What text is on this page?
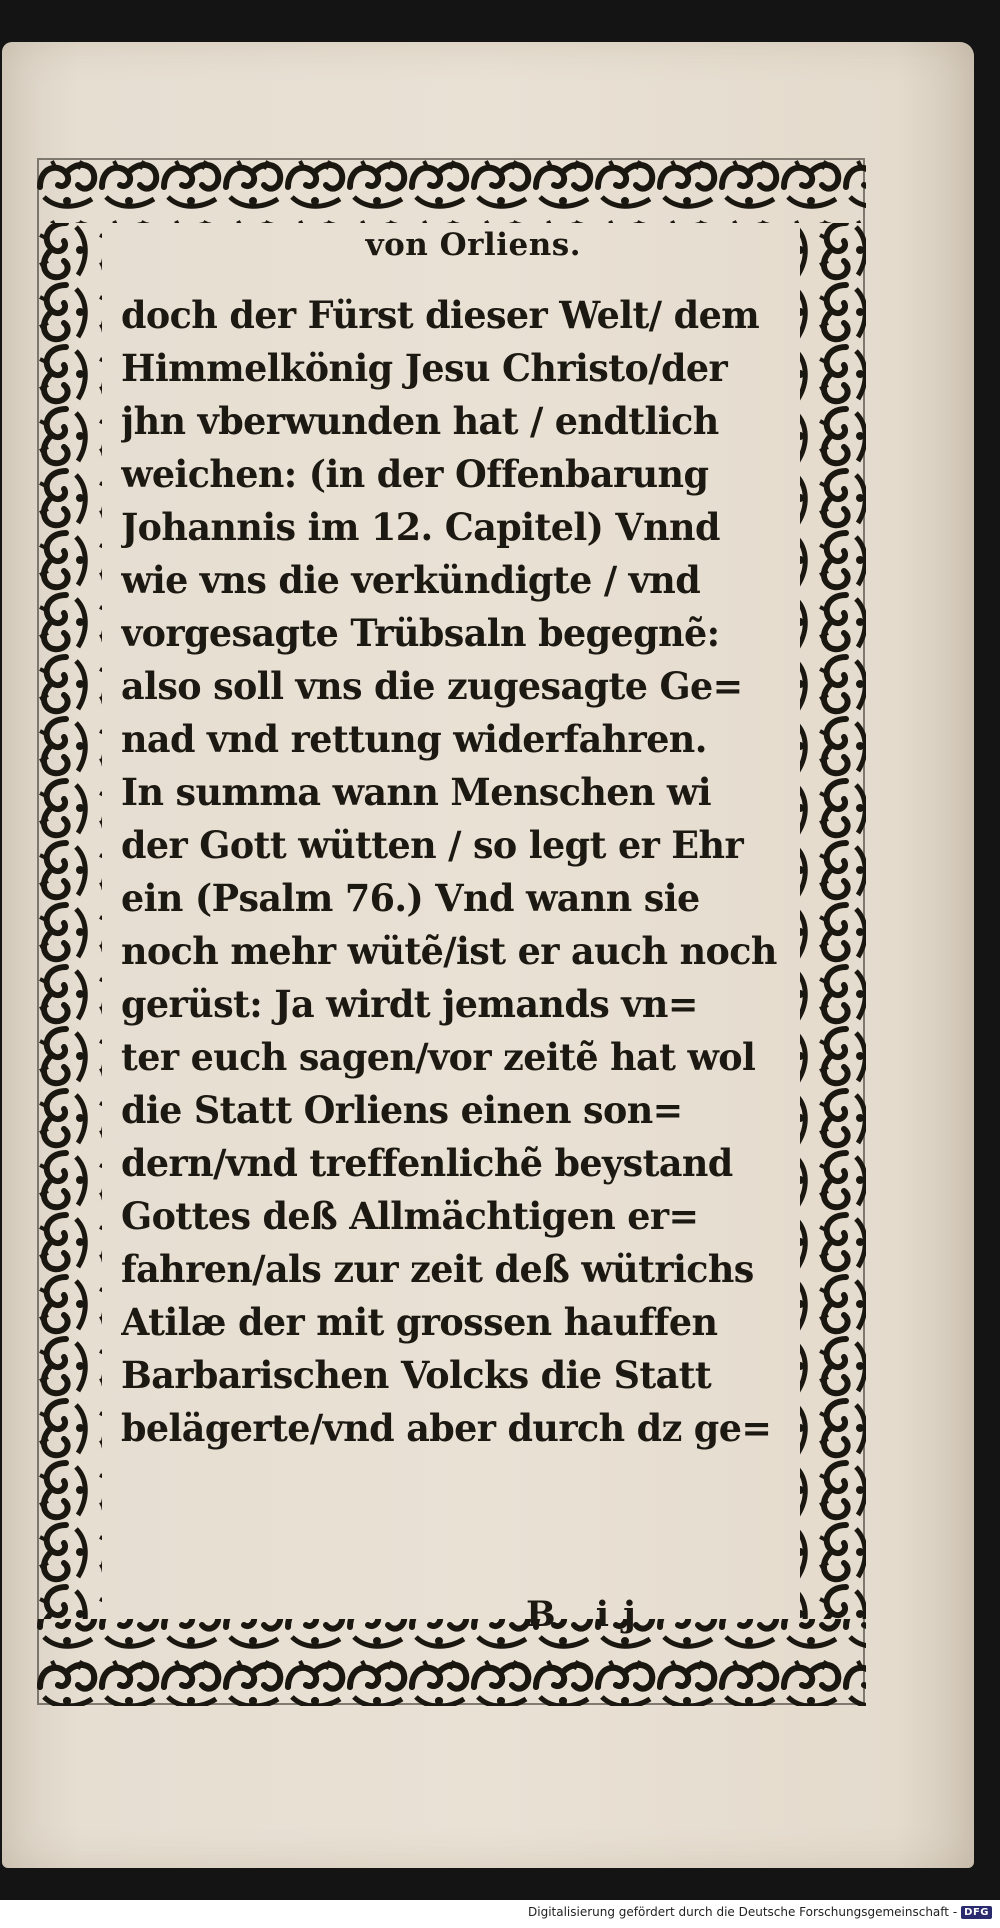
von Orliens.
doch der Fürst dieser Welt/ dem
Himmelkönig Jesu Christo/der
jhn vberwunden hat / endtlich
weichen: (in der Offenbarung
Johannis im 12. Capitel) Vnnd
wie vns die verkündigte / vnd
vorgesagte Trübsaln begegnẽ:
also soll vns die zugesagte Ge=
nad vnd rettung widerfahren.
In summa wann Menschen wi
der Gott wütten / so legt er Ehr
ein (Psalm 76.) Vnd wann sie
noch mehr wütẽ/ist er auch noch
gerüst: Ja wirdt jemands vn=
ter euch sagen/vor zeitẽ hat wol
die Statt Orliens einen son=
dern/vnd treffenlichẽ beystand
Gottes deß Allmächtigen er=
fahren/als zur zeit deß wütrichs
Atilæ der mit grossen hauffen
Barbarischen Volcks die Statt
belägerte/vnd aber durch dz ge=
B ij
Digitalisierung gefördert durch die Deutsche Forschungsgemeinschaft - DFG
